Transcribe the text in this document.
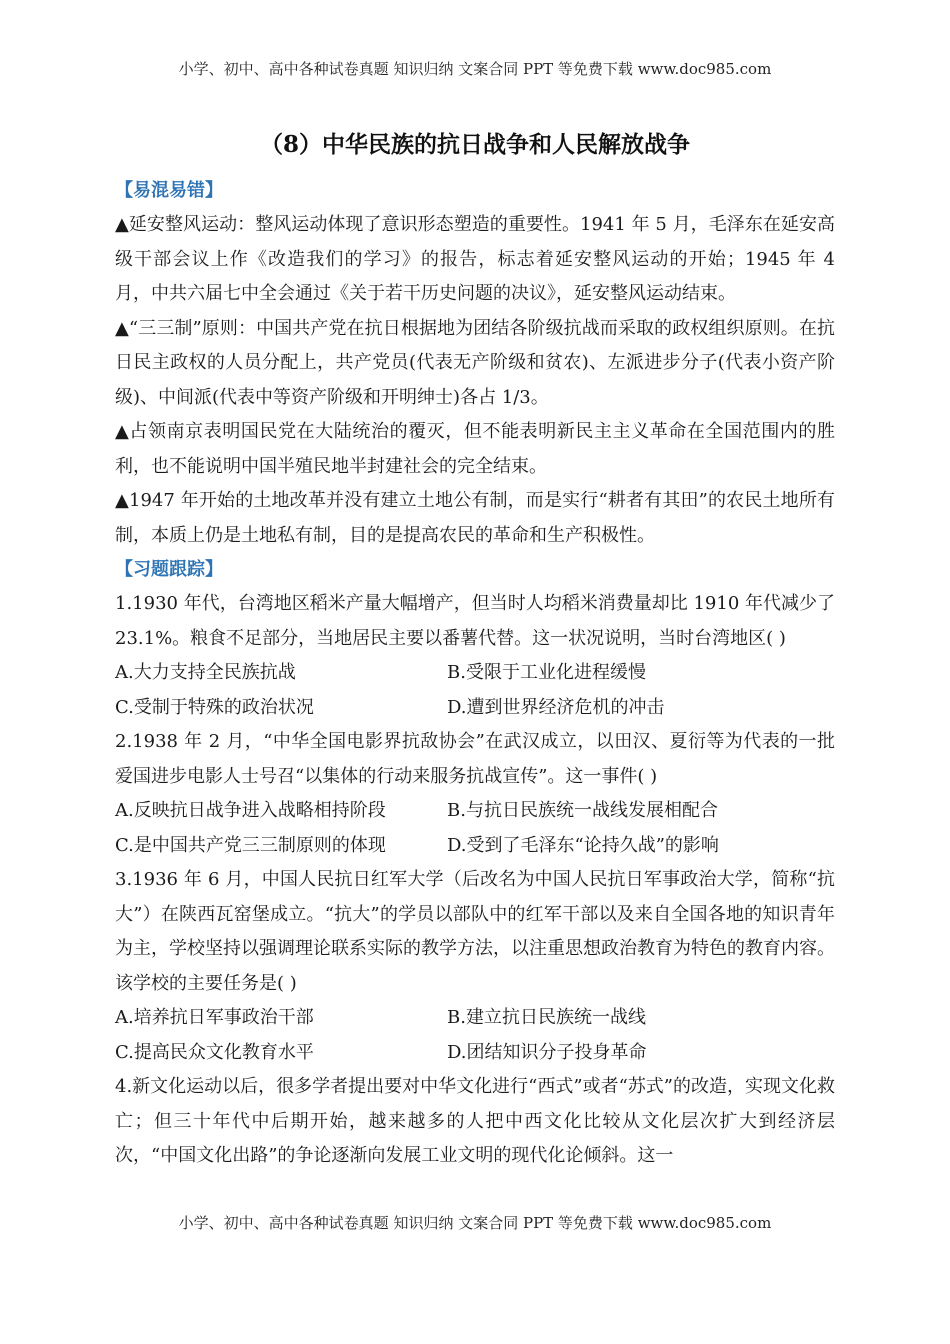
小学、初中、高中各种试卷真题 知识归纳 文案合同 PPT 等免费下载 www.doc985.com
（8）中华民族的抗日战争和人民解放战争
【易混易错】

▲延安整风运动：整风运动体现了意识形态塑造的重要性。1941 年 5 月，毛泽东在延安高级干部会议上作《改造我们的学习》的报告，标志着延安整风运动的开始；1945 年 4 月，中共六届七中全会通过《关于若干历史问题的决议》，延安整风运动结束。

▲“三三制”原则：中国共产党在抗日根据地为团结各阶级抗战而采取的政权组织原则。在抗日民主政权的人员分配上，共产党员(代表无产阶级和贫农)、左派进步分子(代表小资产阶级)、中间派(代表中等资产阶级和开明绅士)各占 1/3。

▲占领南京表明国民党在大陆统治的覆灭，但不能表明新民主主义革命在全国范围内的胜利，也不能说明中国半殖民地半封建社会的完全结束。

▲1947 年开始的土地改革并没有建立土地公有制，而是实行“耕者有其田”的农民土地所有制，本质上仍是土地私有制，目的是提高农民的革命和生产积极性。

【习题跟踪】

1.1930 年代，台湾地区稻米产量大幅增产，但当时人均稻米消费量却比 1910 年代减少了 23.1%。粮食不足部分，当地居民主要以番薯代替。这一状况说明，当时台湾地区( )

A.大力支持全民族抗战	B.受限于工业化进程缓慢
C.受制于特殊的政治状况	D.遭到世界经济危机的冲击

2.1938 年 2 月，“中华全国电影界抗敌协会”在武汉成立，以田汉、夏衍等为代表的一批爱国进步电影人士号召“以集体的行动来服务抗战宣传”。这一事件( )

A.反映抗日战争进入战略相持阶段	B.与抗日民族统一战线发展相配合
C.是中国共产党三三制原则的体现	D.受到了毛泽东“论持久战”的影响

3.1936 年 6 月，中国人民抗日红军大学（后改名为中国人民抗日军事政治大学，简称“抗大”）在陕西瓦窑堡成立。“抗大”的学员以部队中的红军干部以及来自全国各地的知识青年为主，学校坚持以强调理论联系实际的教学方法，以注重思想政治教育为特色的教育内容。该学校的主要任务是( )

A.培养抗日军事政治干部	B.建立抗日民族统一战线
C.提高民众文化教育水平	D.团结知识分子投身革命

4.新文化运动以后，很多学者提出要对中华文化进行“西式”或者“苏式”的改造，实现文化救亡；但三十年代中后期开始，越来越多的人把中西文化比较从文化层次扩大到经济层次，“中国文化出路”的争论逐渐向发展工业文明的现代化论倾斜。这一

小学、初中、高中各种试卷真题 知识归纳 文案合同 PPT 等免费下载 www.doc985.com
